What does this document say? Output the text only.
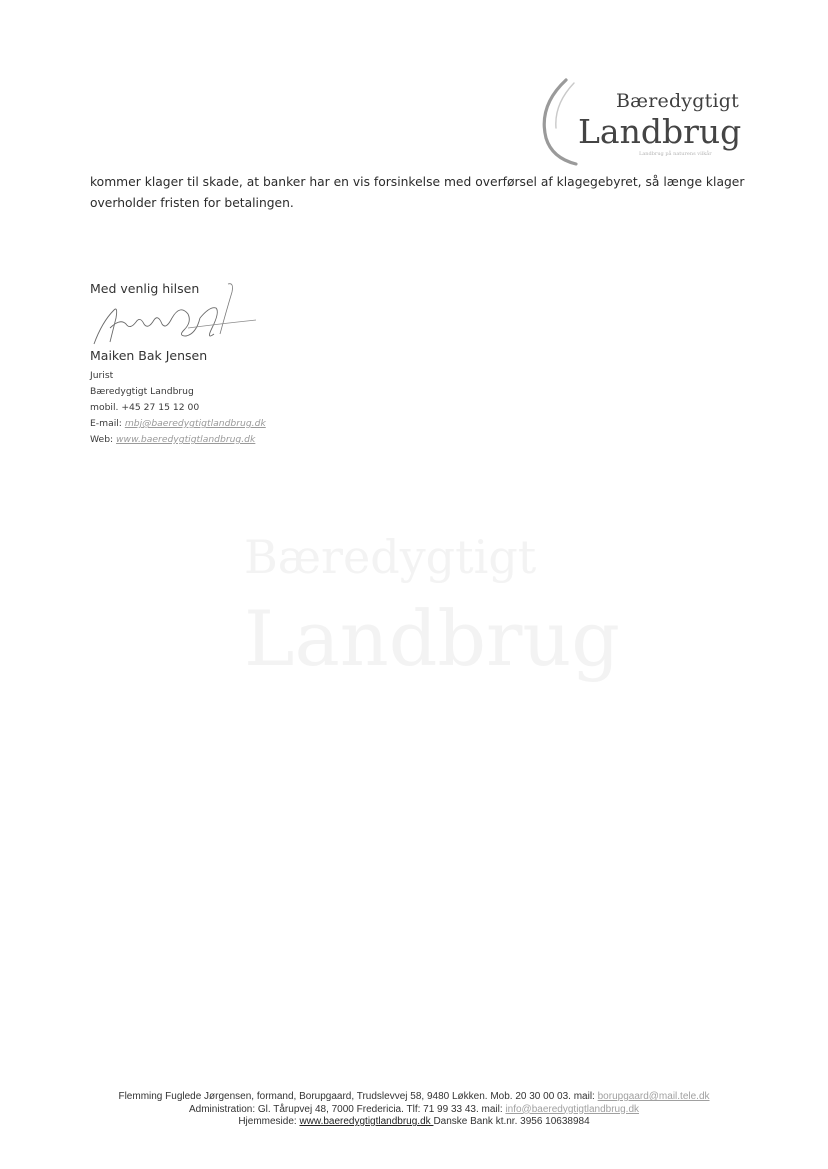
Bæredygtigt
Landbrug
Landbrug på naturens vilkår
kommer klager til skade, at banker har en vis forsinkelse med overførsel af klagegebyret, så længe klager
overholder fristen for betalingen.
Med venlig hilsen
Maiken Bak Jensen
Jurist
Bæredygtigt Landbrug
mobil. +45 27 15 12 00
E-mail: mbj@baeredygtigtlandbrug.dk
Web: www.baeredygtigtlandbrug.dk
Bæredygtigt
Landbrug
Flemming Fuglede Jørgensen, formand, Borupgaard, Trudslevvej 58, 9480 Løkken. Mob. 20 30 00 03. mail: borupgaard@mail.tele.dk
Administration: Gl. Tårupvej 48, 7000 Fredericia. Tlf: 71 99 33 43. mail: info@baeredygtigtlandbrug.dk
Hjemmeside: www.baeredygtigtlandbrug.dk Danske Bank kt.nr. 3956 10638984
